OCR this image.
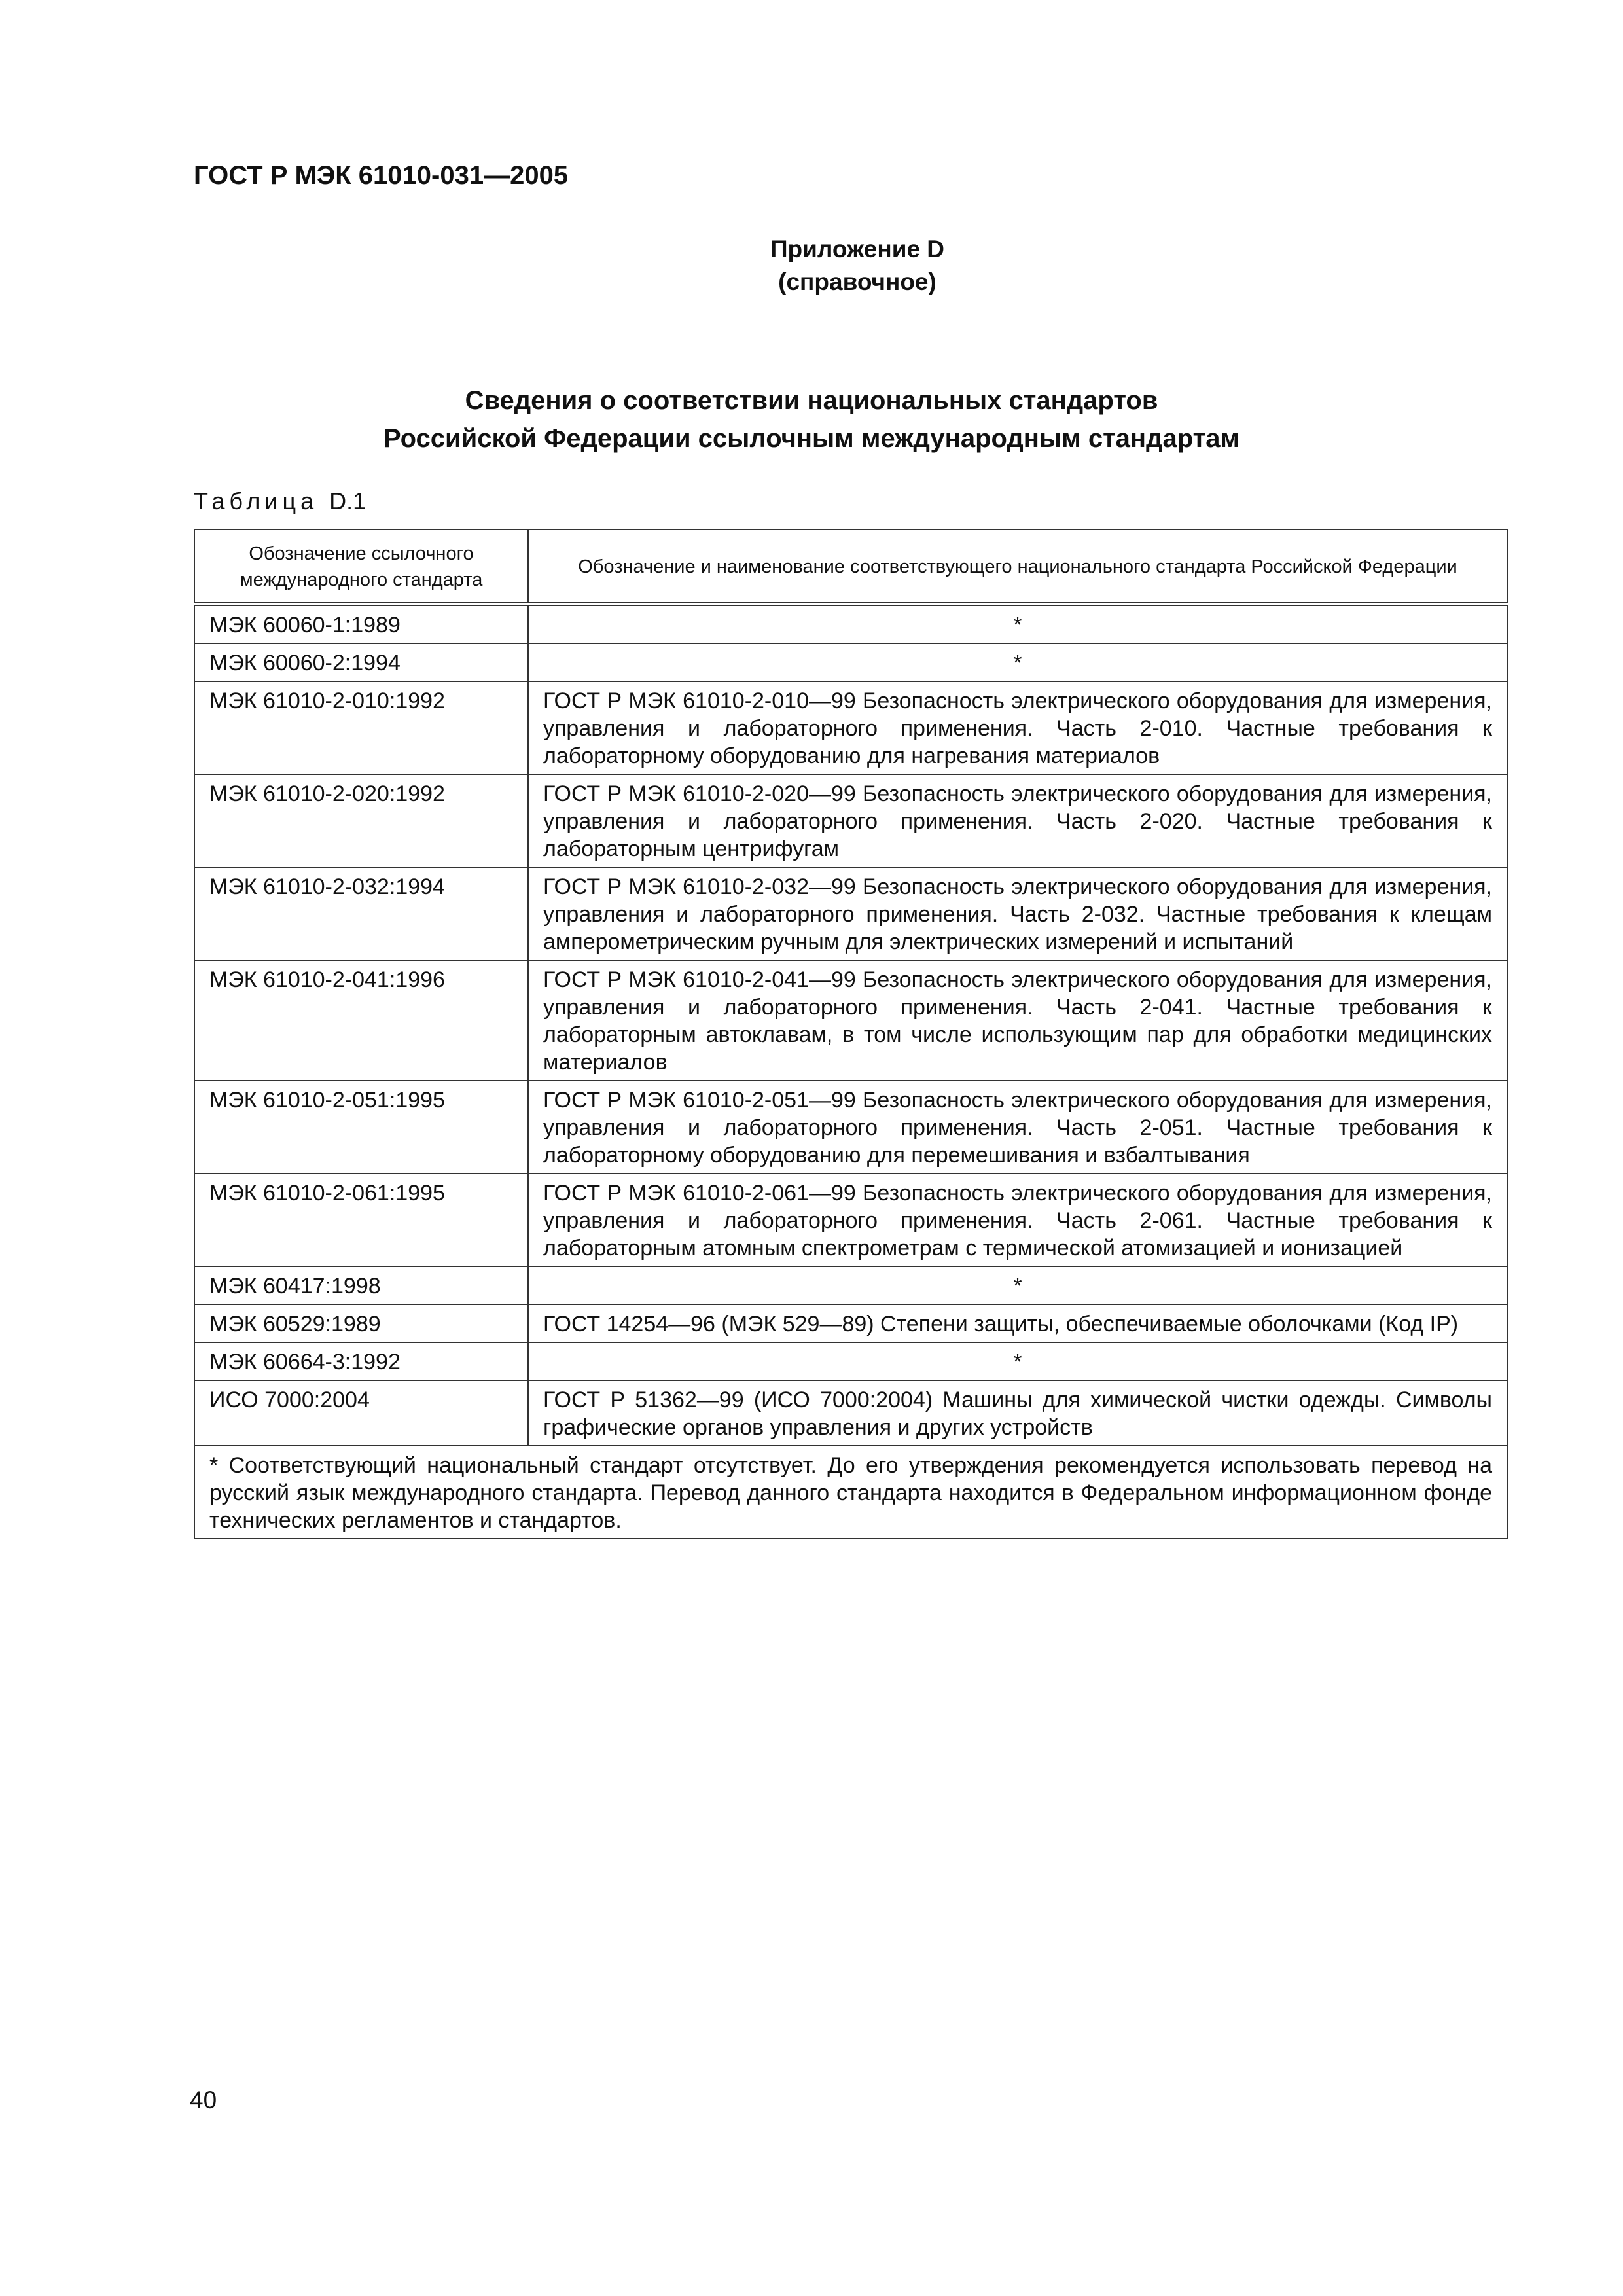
ГОСТ Р МЭК 61010-031—2005
Приложение D
(справочное)
Сведения о соответствии национальных стандартов
Российской Федерации ссылочным международным стандартам
Таблица D.1
Обозначение ссылочного международного стандарта	Обозначение и наименование соответствующего национального стандарта Российской Федерации
МЭК 60060-1:1989	*
МЭК 60060-2:1994	*
МЭК 61010-2-010:1992	ГОСТ Р МЭК 61010-2-010—99 Безопасность электрического оборудования для измерения, управления и лабораторного применения. Часть 2-010. Частные требования к лабораторному оборудованию для нагревания материалов
МЭК 61010-2-020:1992	ГОСТ Р МЭК 61010-2-020—99 Безопасность электрического оборудования для измерения, управления и лабораторного применения. Часть 2-020. Частные требования к лабораторным центрифугам
МЭК 61010-2-032:1994	ГОСТ Р МЭК 61010-2-032—99 Безопасность электрического оборудования для измерения, управления и лабораторного применения. Часть 2-032. Частные требования к клещам амперометрическим ручным для электрических измерений и испытаний
МЭК 61010-2-041:1996	ГОСТ Р МЭК 61010-2-041—99 Безопасность электрического оборудования для измерения, управления и лабораторного применения. Часть 2-041. Частные требования к лабораторным автоклавам, в том числе использующим пар для обработки медицинских материалов
МЭК 61010-2-051:1995	ГОСТ Р МЭК 61010-2-051—99 Безопасность электрического оборудования для измерения, управления и лабораторного применения. Часть 2-051. Частные требования к лабораторному оборудованию для перемешивания и взбалтывания
МЭК 61010-2-061:1995	ГОСТ Р МЭК 61010-2-061—99 Безопасность электрического оборудования для измерения, управления и лабораторного применения. Часть 2-061. Частные требования к лабораторным атомным спектрометрам с термической атомизацией и ионизацией
МЭК 60417:1998	*
МЭК 60529:1989	ГОСТ 14254—96 (МЭК 529—89) Степени защиты, обеспечиваемые оболочками (Код IP)
МЭК 60664-3:1992	*
ИСО 7000:2004	ГОСТ Р 51362—99 (ИСО 7000:2004) Машины для химической чистки одежды. Символы графические органов управления и других устройств
* Соответствующий национальный стандарт отсутствует. До его утверждения рекомендуется использовать перевод на русский язык международного стандарта. Перевод данного стандарта находится в Федеральном информационном фонде технических регламентов и стандартов.	
40
